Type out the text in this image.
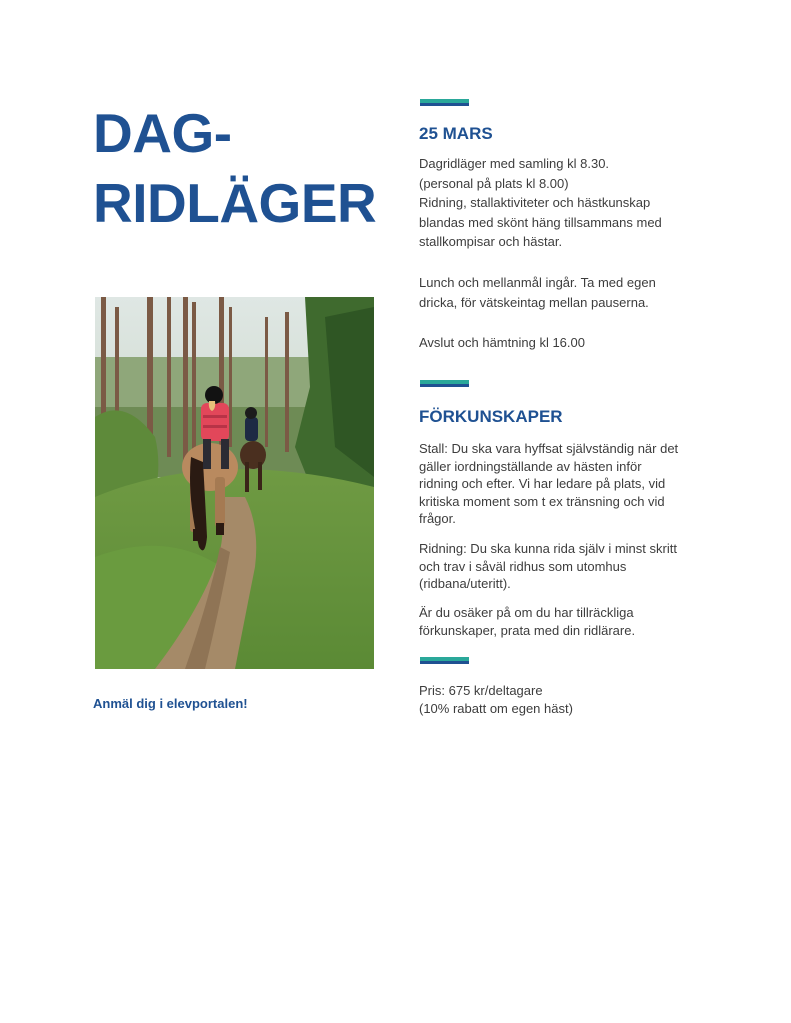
DAG-
RIDLÄGER
Anmäl dig i elevportalen!
25 MARS

Dagridläger med samling kl 8.30.
(personal på plats kl 8.00)
Ridning, stallaktiviteter och hästkunskap
blandas med skönt häng tillsammans med
stallkompisar och hästar.

Lunch och mellanmål ingår. Ta med egen
dricka, för vätskeintag mellan pauserna.

Avslut och hämtning kl 16.00

FÖRKUNSKAPER

Stall: Du ska vara hyffsat självständig när det
gäller iordningställande av hästen inför
ridning och efter. Vi har ledare på plats, vid
kritiska moment som t ex tränsning och vid
frågor.

Ridning: Du ska kunna rida själv i minst skritt
och trav i såväl ridhus som utomhus
(ridbana/uteritt).

Är du osäker på om du har tillräckliga
förkunskaper, prata med din ridlärare.

Pris: 675 kr/deltagare
(10% rabatt om egen häst)
